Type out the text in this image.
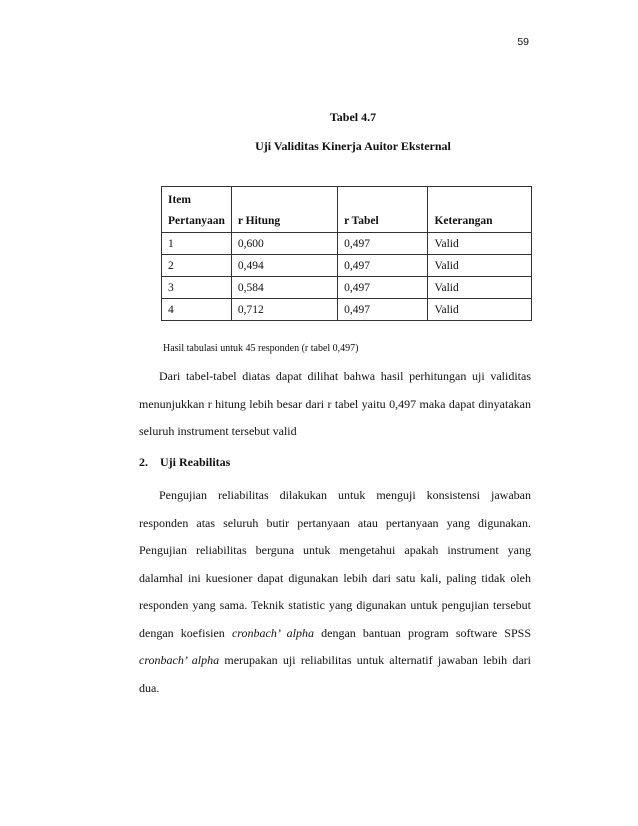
59
Tabel 4.7
Uji Validitas Kinerja Auitor Eksternal
Item
Pertanyaan	r Hitung	r Tabel	Keterangan
1	0,600	0,497	Valid
2	0,494	0,497	Valid
3	0,584	0,497	Valid
4	0,712	0,497	Valid
Hasil tabulasi untuk 45 responden (r tabel 0,497)
Dari tabel-tabel diatas dapat dilihat bahwa hasil perhitungan uji validitas menunjukkan r hitung lebih besar dari r tabel yaitu 0,497 maka dapat dinyatakan seluruh instrument tersebut valid
2. Uji Reabilitas
Pengujian reliabilitas dilakukan untuk menguji konsistensi jawaban responden atas seluruh butir pertanyaan atau pertanyaan yang digunakan. Pengujian reliabilitas berguna untuk mengetahui apakah instrument yang dalamhal ini kuesioner dapat digunakan lebih dari satu kali, paling tidak oleh responden yang sama. Teknik statistic yang digunakan untuk pengujian tersebut dengan koefisien cronbach’ alpha dengan bantuan program software SPSS cronbach’ alpha merupakan uji reliabilitas untuk alternatif jawaban lebih dari dua.
